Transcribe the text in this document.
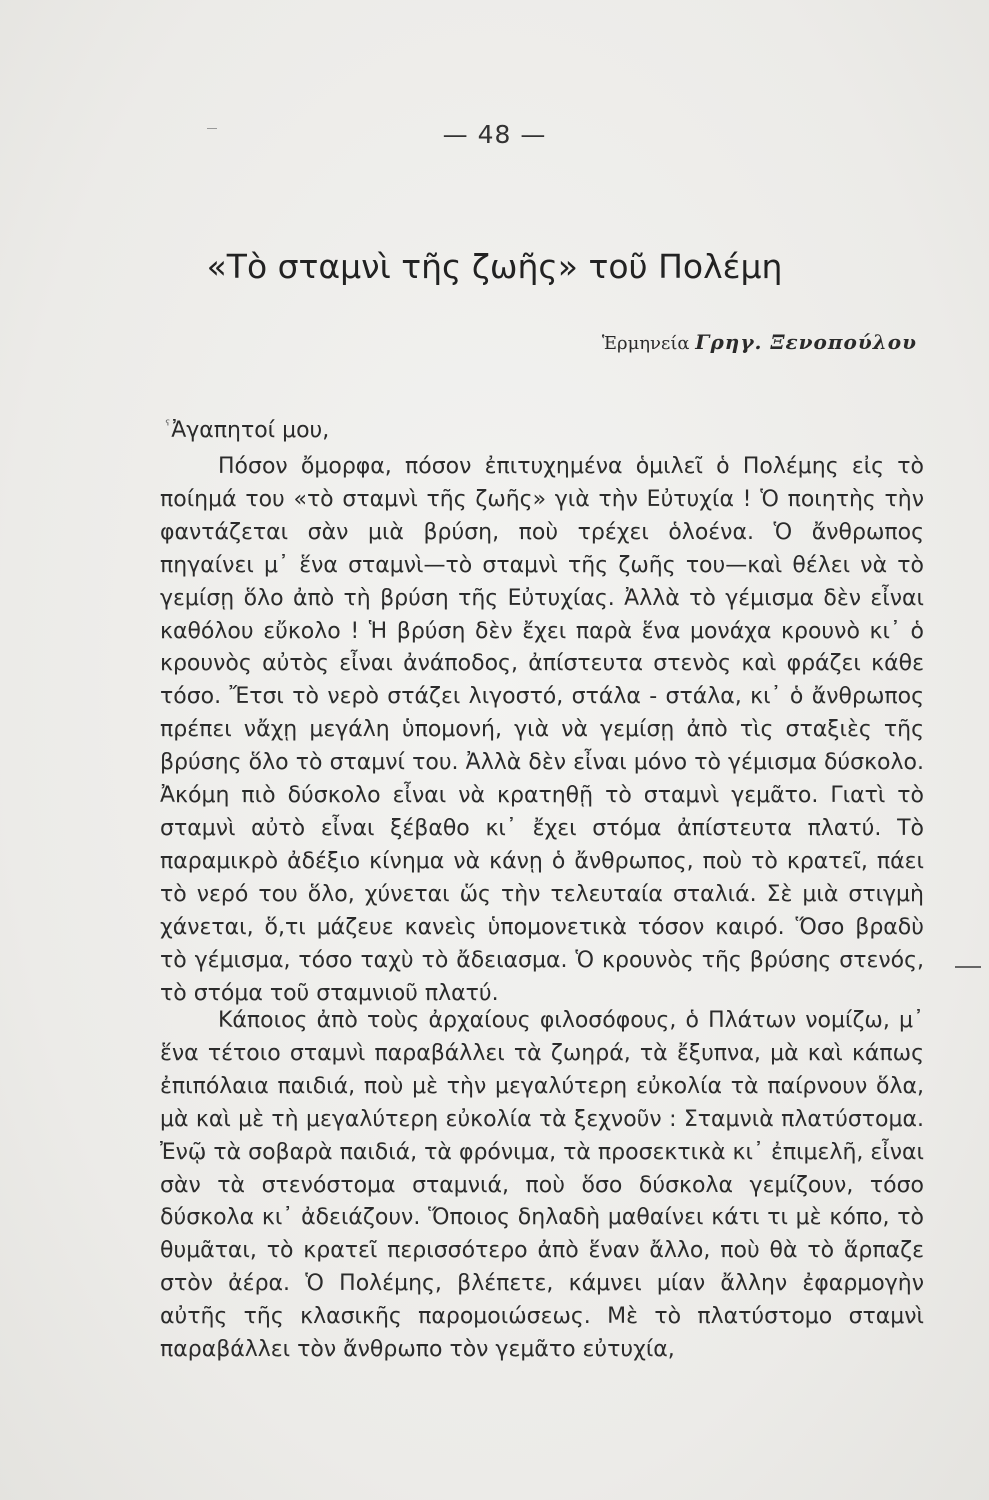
— 48 —
«Τὸ σταμνὶ τῆς ζωῆς» τοῦ Πολέμη
Ἑρμηνεία Γρηγ. Ξενοπούλου
$^ˁ$Ἀγαπητοί μου,
Πόσον ὄμορφα, πόσον ἐπιτυχημένα ὁμιλεῖ ὁ Πολέμης εἰς τὸ ποίημά του «τὸ σταμνὶ τῆς ζωῆς» γιὰ τὴν Εὐτυχία ! Ὁ ποιητὴς τὴν φαντάζεται σὰν μιὰ βρύση, ποὺ τρέχει ὁλοένα. Ὁ ἄνθρωπος πηγαίνει μ᾽ ἕνα σταμνὶ—τὸ σταμνὶ τῆς ζωῆς του—καὶ θέλει νὰ τὸ γεμίσῃ ὅλο ἀπὸ τὴ βρύση τῆς Εὐτυχίας. Ἀλλὰ τὸ γέμισμα δὲν εἶναι καθόλου εὔκολο ! Ἡ βρύση δὲν ἔχει παρὰ ἕνα μονάχα κρουνὸ κι᾽ ὁ κρουνὸς αὐτὸς εἶναι ἀνάποδος, ἀπίστευτα στενὸς καὶ φράζει κάθε τόσο. Ἔτσι τὸ νερὸ στάζει λιγοστό, στάλα - στάλα, κι᾽ ὁ ἄνθρωπος πρέπει νἄχῃ μεγάλη ὑπομονή, γιὰ νὰ γεμίσῃ ἀπὸ τὶς σταξιὲς τῆς βρύσης ὅλο τὸ σταμνί του. Ἀλλὰ δὲν εἶναι μόνο τὸ γέμισμα δύσκολο. Ἀκόμη πιὸ δύσκολο εἶναι νὰ κρατηθῇ τὸ σταμνὶ γεμᾶτο. Γιατὶ τὸ σταμνὶ αὐτὸ εἶναι ξέβαθο κι᾽ ἔχει στόμα ἀπίστευτα πλατύ. Τὸ παραμικρὸ ἀδέξιο κίνημα νὰ κάνῃ ὁ ἄνθρωπος, ποὺ τὸ κρατεῖ, πάει τὸ νερό του ὅλο, χύνεται ὥς τὴν τελευταία σταλιά. Σὲ μιὰ στιγμὴ χάνεται, ὅ,τι μάζευε κανεὶς ὑπομονετικὰ τόσον καιρό. Ὅσο βραδὺ τὸ γέμισμα, τόσο ταχὺ τὸ ἄδειασμα. Ὁ κρουνὸς τῆς βρύσης στενός, τὸ στόμα τοῦ σταμνιοῦ πλατύ.
Κάποιος ἀπὸ τοὺς ἀρχαίους φιλοσόφους, ὁ Πλάτων νομίζω, μ᾽ ἕνα τέτοιο σταμνὶ παραβάλλει τὰ ζωηρά, τὰ ἔξυπνα, μὰ καὶ κάπως ἐπιπόλαια παιδιά, ποὺ μὲ τὴν μεγαλύτερη εὐκολία τὰ παίρνουν ὅλα, μὰ καὶ μὲ τὴ μεγαλύτερη εὐκολία τὰ ξεχνοῦν : Σταμνιὰ πλατύστομα. Ἐνῷ τὰ σοβαρὰ παιδιά, τὰ φρόνιμα, τὰ προσεκτικὰ κι᾽ ἐπιμελῆ, εἶναι σὰν τὰ στενόστομα σταμνιά, ποὺ ὅσο δύσκολα γεμίζουν, τόσο δύσκολα κι᾽ ἀδειάζουν. Ὅποιος δηλαδὴ μαθαίνει κάτι τι μὲ κόπο, τὸ θυμᾶται, τὸ κρατεῖ περισσότερο ἀπὸ ἕναν ἄλλο, ποὺ θὰ τὸ ἅρπαζε στὸν ἀέρα. Ὁ Πολέμης, βλέπετε, κάμνει μίαν ἄλλην ἐφαρμογὴν αὐτῆς τῆς κλασικῆς παρομοιώσεως. Μὲ τὸ πλατύστομο σταμνὶ παραβάλλει τὸν ἄνθρωπο τὸν γεμᾶτο εὐτυχία,
